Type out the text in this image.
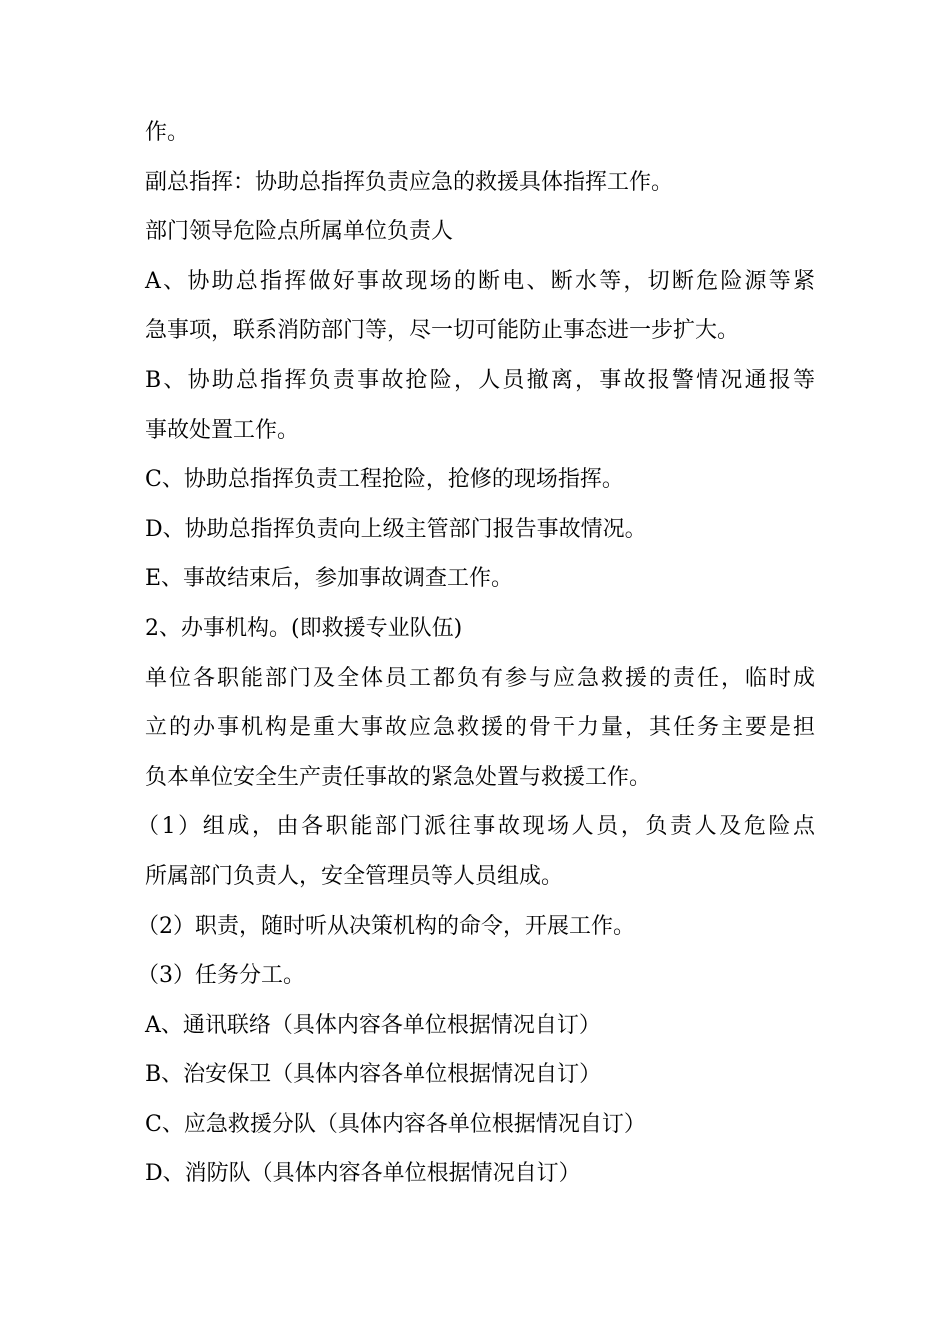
作。
副总指挥：协助总指挥负责应急的救援具体指挥工作。
部门领导危险点所属单位负责人
A、协助总指挥做好事故现场的断电、断水等，切断危险源等紧
急事项，联系消防部门等，尽一切可能防止事态进一步扩大。
B、协助总指挥负责事故抢险，人员撤离，事故报警情况通报等
事故处置工作。
C、协助总指挥负责工程抢险，抢修的现场指挥。
D、协助总指挥负责向上级主管部门报告事故情况。
E、事故结束后，参加事故调查工作。
2、办事机构。(即救援专业队伍)
单位各职能部门及全体员工都负有参与应急救援的责任，临时成
立的办事机构是重大事故应急救援的骨干力量，其任务主要是担
负本单位安全生产责任事故的紧急处置与救援工作。
（1）组成，由各职能部门派往事故现场人员，负责人及危险点
所属部门负责人，安全管理员等人员组成。
（2）职责，随时听从决策机构的命令，开展工作。
（3）任务分工。
A、通讯联络（具体内容各单位根据情况自订）
B、治安保卫（具体内容各单位根据情况自订）
C、应急救援分队（具体内容各单位根据情况自订）
D、消防队（具体内容各单位根据情况自订）
